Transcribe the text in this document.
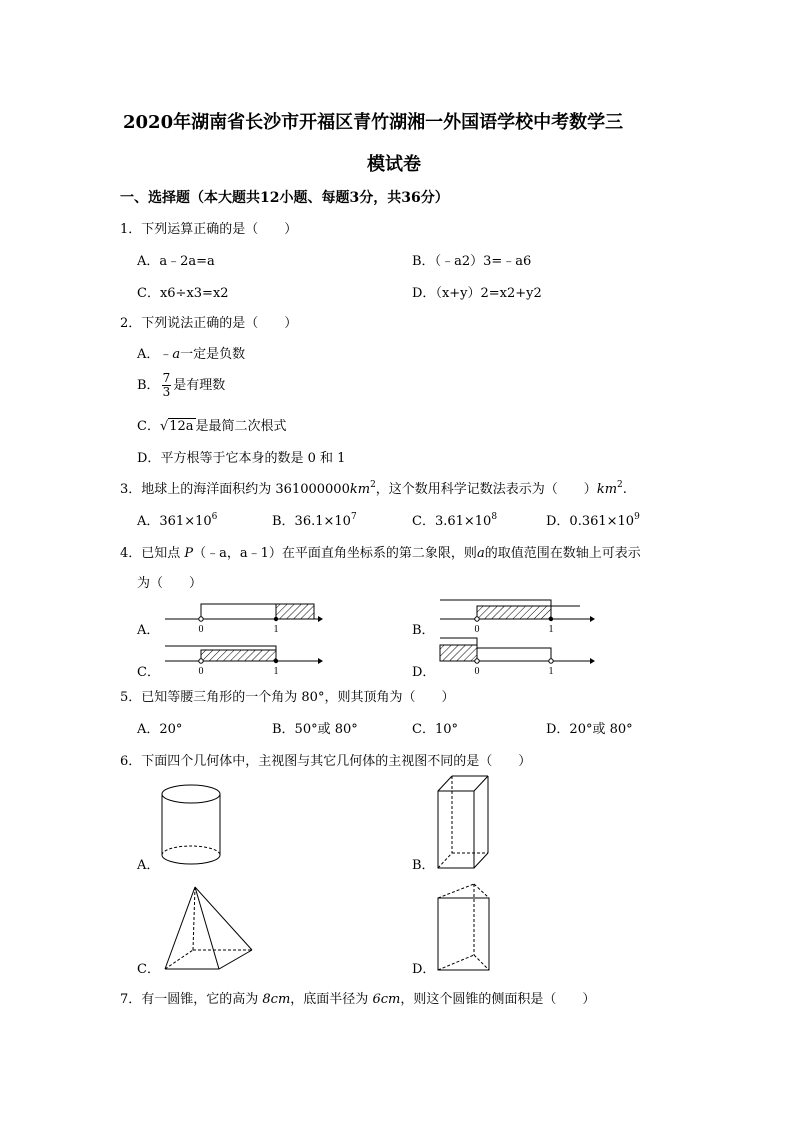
2020年湖南省长沙市开福区青竹湖湘一外国语学校中考数学三
模试卷
一、选择题（本大题共12小题、每题3分，共36分）
1．下列运算正确的是（　　）
A．a﹣2a=a	B．（﹣a2）3=﹣a6
C．x6÷x3=x2	D．（x+y）2=x2+y2
2．下列说法正确的是（　　）
A．﹣a一定是负数
B． $\frac{7}{3}$ 是有理数
C．√12a 是最简二次根式
D．平方根等于它本身的数是 0 和 1
3．地球上的海洋面积约为 $361000000km^2$，这个数用科学记数法表示为（　　）$km^2$.
A．$361\times 10^6$	B．$36.1\times 10^7$	C．$3.61\times 10^8$	D．$0.361\times 10^9$
4．已知点 P（﹣a，a﹣1）在平面直角坐标系的第二象限，则a的取值范围在数轴上可表示
为（　　）
A．	B．
C．	D．
0	1	0	1
0	1	0	1
5．已知等腰三角形的一个角为 80°，则其顶角为（　　）
A．20°	B．50°或 80°	C．10°	D．20°或 80°
6．下面四个几何体中，主视图与其它几何体的主视图不同的是（　　）
A．	B．
C．	D．
7．有一圆锥，它的高为 8cm，底面半径为 6cm，则这个圆锥的侧面积是（　　）
